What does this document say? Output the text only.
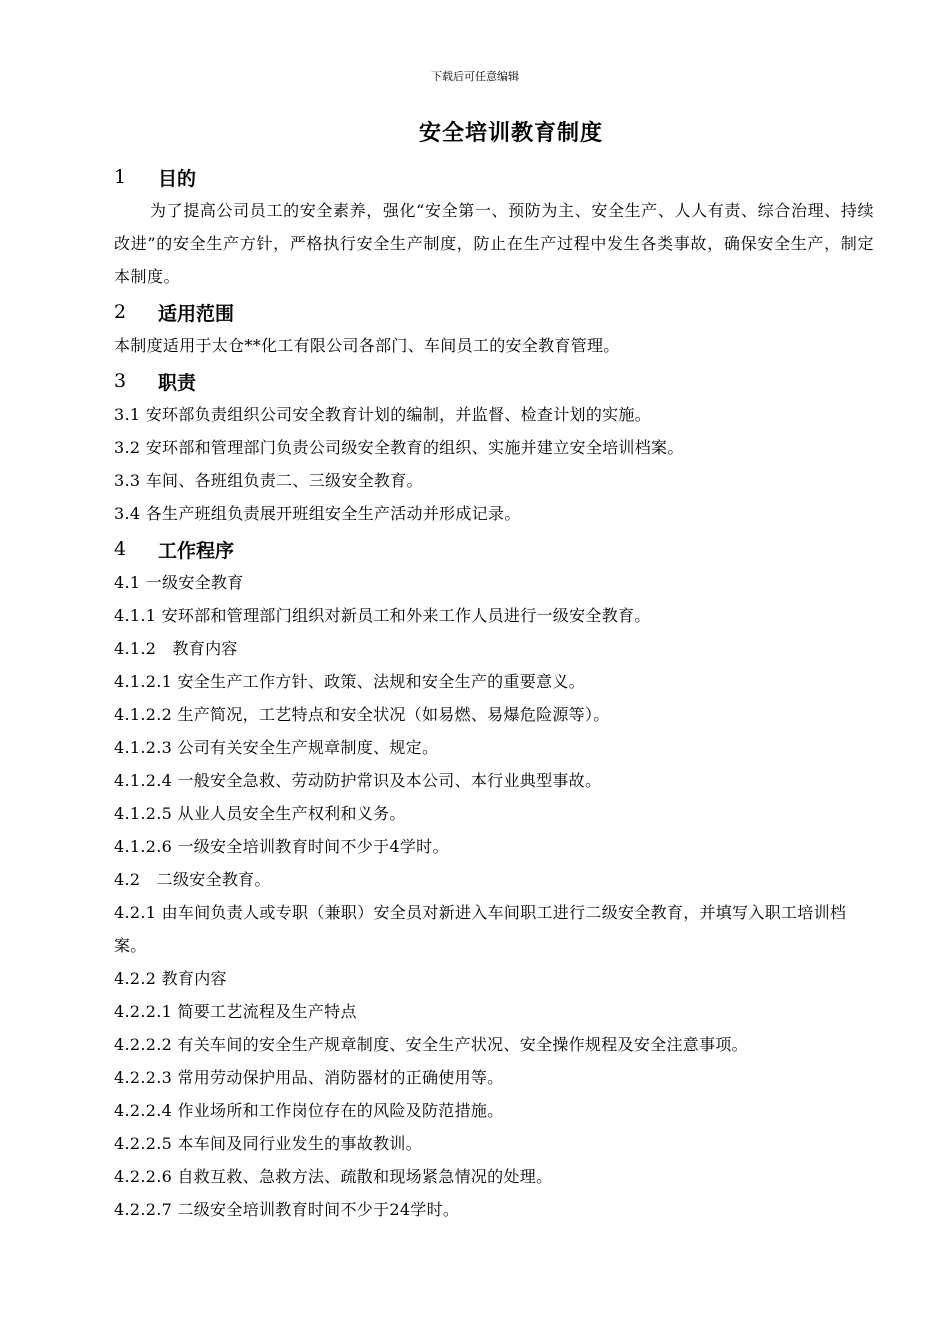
下载后可任意编辑
安全培训教育制度
1	目的
为了提高公司员工的安全素养，强化“安全第一、预防为主、安全生产、人人有责、综合治理、持续改进”的安全生产方针，严格执行安全生产制度，防止在生产过程中发生各类事故，确保安全生产，制定本制度。
2	适用范围
本制度适用于太仓**化工有限公司各部门、车间员工的安全教育管理。
3	职责
3.1 安环部负责组织公司安全教育计划的编制，并监督、检查计划的实施。
3.2 安环部和管理部门负责公司级安全教育的组织、实施并建立安全培训档案。
3.3 车间、各班组负责二、三级安全教育。
3.4 各生产班组负责展开班组安全生产活动并形成记录。
4	工作程序
4.1 一级安全教育
4.1.1 安环部和管理部门组织对新员工和外来工作人员进行一级安全教育。
4.1.2　教育内容
4.1.2.1 安全生产工作方针、政策、法规和安全生产的重要意义。
4.1.2.2 生产简况，工艺特点和安全状况（如易燃、易爆危险源等）。
4.1.2.3 公司有关安全生产规章制度、规定。
4.1.2.4 一般安全急救、劳动防护常识及本公司、本行业典型事故。
4.1.2.5 从业人员安全生产权利和义务。
4.1.2.6 一级安全培训教育时间不少于4学时。
4.2　二级安全教育。
4.2.1 由车间负责人或专职（兼职）安全员对新进入车间职工进行二级安全教育，并填写入职工培训档案。
4.2.2 教育内容
4.2.2.1 简要工艺流程及生产特点
4.2.2.2 有关车间的安全生产规章制度、安全生产状况、安全操作规程及安全注意事项。
4.2.2.3 常用劳动保护用品、消防器材的正确使用等。
4.2.2.4 作业场所和工作岗位存在的风险及防范措施。
4.2.2.5 本车间及同行业发生的事故教训。
4.2.2.6 自救互救、急救方法、疏散和现场紧急情况的处理。
4.2.2.7 二级安全培训教育时间不少于24学时。
